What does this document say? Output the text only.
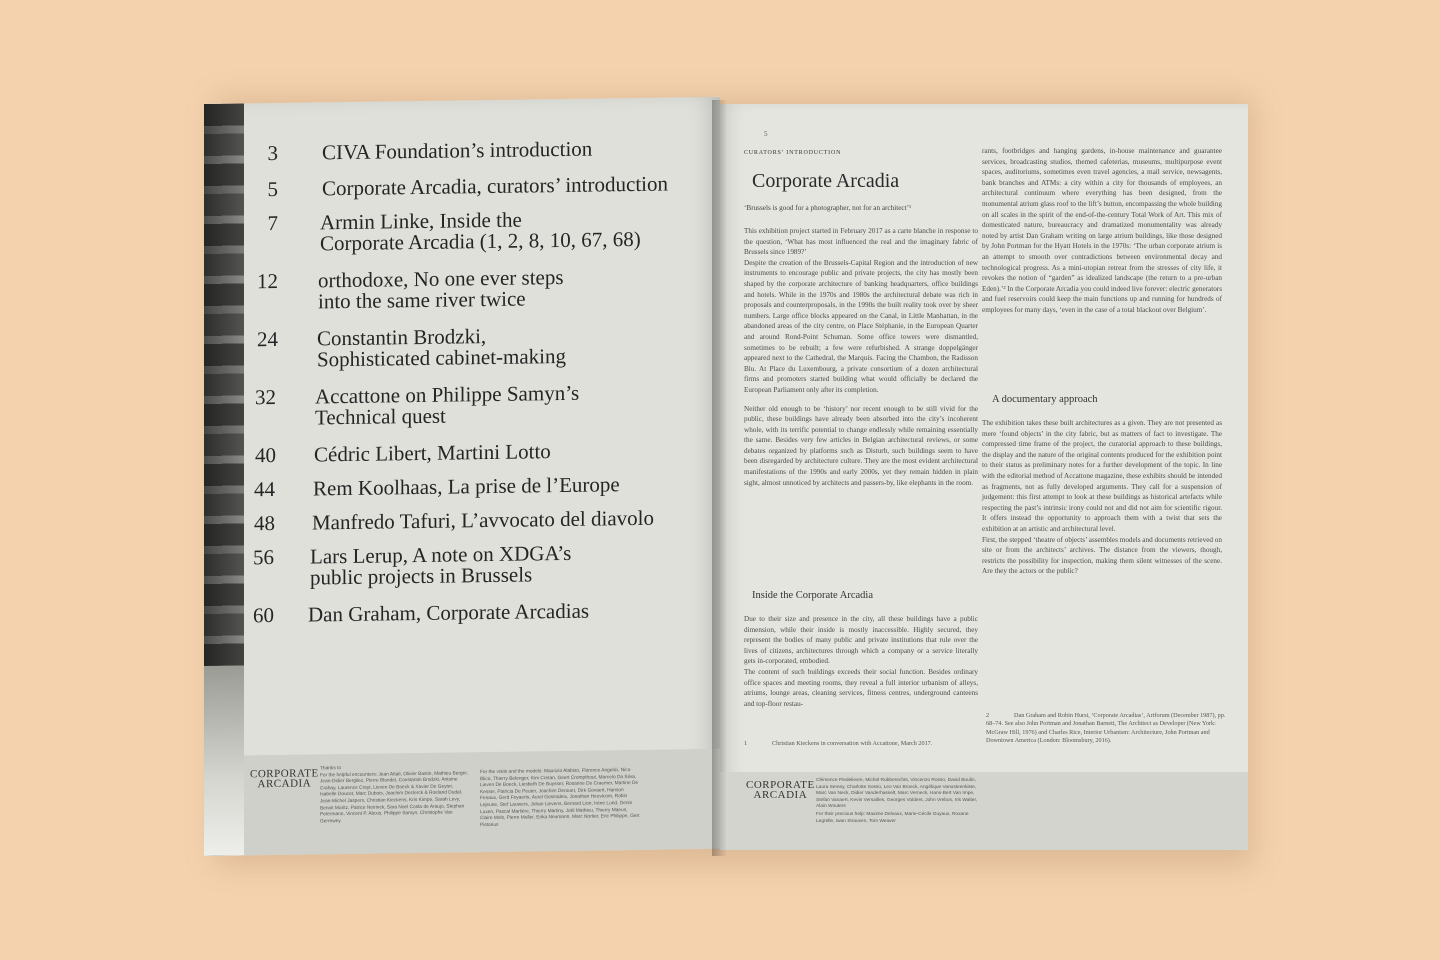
3 CIVA Foundation’s introduction
5 Corporate Arcadia, curators’ introduction
7 Armin Linke, Inside the
Corporate Arcadia (1, 2, 8, 10, 67, 68)
12 orthodoxe, No one ever steps
into the same river twice
24 Constantin Brodzki,
Sophisticated cabinet-making
32 Accattone on Philippe Samyn’s
Technical quest
40 Cédric Libert, Martini Lotto
44 Rem Koolhaas, La prise de l’Europe
48 Manfredo Tafuri, L’avvocato del diavolo
56 Lars Lerup, A note on XDGA’s
public projects in Brussels
60 Dan Graham, Corporate Arcadias
CORPORATE
ARCADIA
Thanks to
For the helpful encounters: Jean Attali, Olivier Bastin, Mathieu Berger, Jean-Didier Bergilez, Pierre Blondel, Constantin Brodzki, Antoine Crahay, Laurence Crayt, Lieven De Boeck & Xavier De Geyter, Isabelle Doucet, Marc Dubois, Joachim Declerck & Roeland Dudal, Jean-Michel Jaspers, Christian Kieckens, Kris Kimpe, Sarah Levy, Benoit Moritz, Patrice Neirinck, Sara Noel Costa de Araujo, Stephan Petermann, Vincent P. Alexis, Philippe Samyn, Christophe Van Gerrewey
For the visits and the models: Maurizio Alabiso, Florence Angelici, Nico Blico, Thierry Belenger, Kim Cretan, Geert Crompthout, Marcelo Da Silva, Lieven De Boeck, Liesbeth De Buysser, Rosanne De Craemer, Martine De Kesser, Patricia De Peuter, Joachim Derouet, Dirk Govaert, Hanson Fenaux, Gerd Feyaerts, Aurel Gosmaleix, Jonathan Heuvicom, Robin Lejeune, Stef Lauwers, Johan Lievens, Bernard Lion, Irène Lund, Denis Luxen, Pascal Marlière, Thierry Martiny, Joël Mathieu, Thierry Maeus, Claire Mols, Pierre Muller, Erika Neumann, Marc Nortier, Eric Philippe, Gert Pistorius
5
CURATORS’ INTRODUCTION
Corporate Arcadia
‘Brussels is good for a photographer, not for an architect’¹

This exhibition project started in February 2017 as a carte blanche in response to the question, ‘What has most influenced the real and the imaginary fabric of Brussels since 1989?’

Despite the creation of the Brussels-Capital Region and the introduction of new instruments to encourage public and private projects, the city has mostly been shaped by the corporate architecture of banking headquarters, office buildings and hotels. While in the 1970s and 1980s the architectural debate was rich in proposals and counterproposals, in the 1990s the built reality took over by sheer numbers. Large office blocks appeared on the Canal, in Little Manhattan, in the abandoned areas of the city centre, on Place Stéphanie, in the European Quarter and around Rond-Point Schuman. Some office towers were dismantled, sometimes to be rebuilt; a few were refurbished. A strange doppelgänger appeared next to the Cathedral, the Marquis. Facing the Chambon, the Radisson Blu. At Place du Luxembourg, a private consortium of a dozen architectural firms and promoters started building what would officially be declared the European Parliament only after its completion.

Neither old enough to be ‘history’ nor recent enough to be still vivid for the public, these buildings have already been absorbed into the city’s incoherent whole, with its terrific potential to change endlessly while remaining essentially the same. Besides very few articles in Belgian architectural reviews, or some debates organized by platforms such as Disturb, such buildings seem to have been disregarded by architecture culture. They are the most evident architectural manifestations of the 1990s and early 2000s, yet they remain hidden in plain sight, almost unnoticed by architects and passers-by, like elephants in the room.

Inside the Corporate Arcadia

Due to their size and presence in the city, all these buildings have a public dimension, while their inside is mostly inaccessible. Highly secured, they represent the bodies of many public and private institutions that rule over the lives of citizens, architectures through which a company or a service literally gets in-corporated, embodied.

The content of such buildings exceeds their social function. Besides ordinary office spaces and meeting rooms, they reveal a full interior urbanism of alleys, atriums, lounge areas, cleaning services, fitness centres, underground canteens and top-floor restau-

1	Christian Kieckens in conversation with Accattone, March 2017.

rants, footbridges and hanging gardens, in-house maintenance and guarantee services, broadcasting studios, themed cafeterias, museums, multipurpose event spaces, auditoriums, sometimes even travel agencies, a mail service, newsagents, bank branches and ATMs: a city within a city for thousands of employees, an architectural continuum where everything has been designed, from the monumental atrium glass roof to the lift’s button, encompassing the whole building on all scales in the spirit of the end-of-the-century Total Work of Art. This mix of domesticated nature, bureaucracy and dramatized monumentality was already noted by artist Dan Graham writing on large atrium buildings, like those designed by John Portman for the Hyatt Hotels in the 1970s: ‘The urban corporate atrium is an attempt to smooth over contradictions between environmental decay and technological progress. As a mini-utopian retreat from the stresses of city life, it revokes the notion of “garden” as idealized landscape (the return to a pre-urban Eden).’² In the Corporate Arcadia you could indeed live forever: electric generators and fuel reservoirs could keep the main functions up and running for hundreds of employees for many days, ‘even in the case of a total blackout over Belgium’.

A documentary approach

The exhibition takes these built architectures as a given. They are not presented as mere ‘found objects’ in the city fabric, but as matters of fact to investigate. The compressed time frame of the project, the curatorial approach to these buildings, the display and the nature of the original contents produced for the exhibition point to their status as preliminary notes for a further development of the topic. In line with the editorial method of Accattone magazine, these exhibits should be intended as fragments, not as fully developed arguments. They call for a suspension of judgement: this first attempt to look at these buildings as historical artefacts while respecting the past’s intrinsic irony could not and did not aim for scientific rigour. It offers instead the opportunity to approach them with a twist that sets the exhibition at an artistic and architectural level.

First, the stepped ‘theatre of objects’ assembles models and documents retrieved on site or from the architects’ archives. The distance from the viewers, though, restricts the possibility for inspection, making them silent witnesses of the scene. Are they the actors or the public?

2	Dan Graham and Robin Hurst, ‘Corporate Arcadias’, Artforum (December 1987), pp. 68–74. See also John Portman and Jonathan Barnett, The Architect as Developer (New York: McGraw Hill, 1976) and Charles Rice, Interior Urbanism: Architecture, John Portman and Downtown America (London: Bloomsbury, 2016).
CORPORATE
ARCADIA
Clémence Piedelievre, Michel Rubberechts, Vincenzo Rosso, David Boulin, Laura Semey, Charlotte Sosso, Leo Van Broeck, Angélique Vanusteenkiste, Marc Van Neck, Didier Vanderhasselt, Marc Verneck, Hans-Bert Van Impe, Stefan Vanaert, Kevin Versailles, Georges Volders, John Vrebos, Iris Walter, Alain Wouters
For their precious help: Maxime Delvaux, Marie-Cécile Guyaux, Roxane Legrelle, Iwan Strauven, Tom Weaver
